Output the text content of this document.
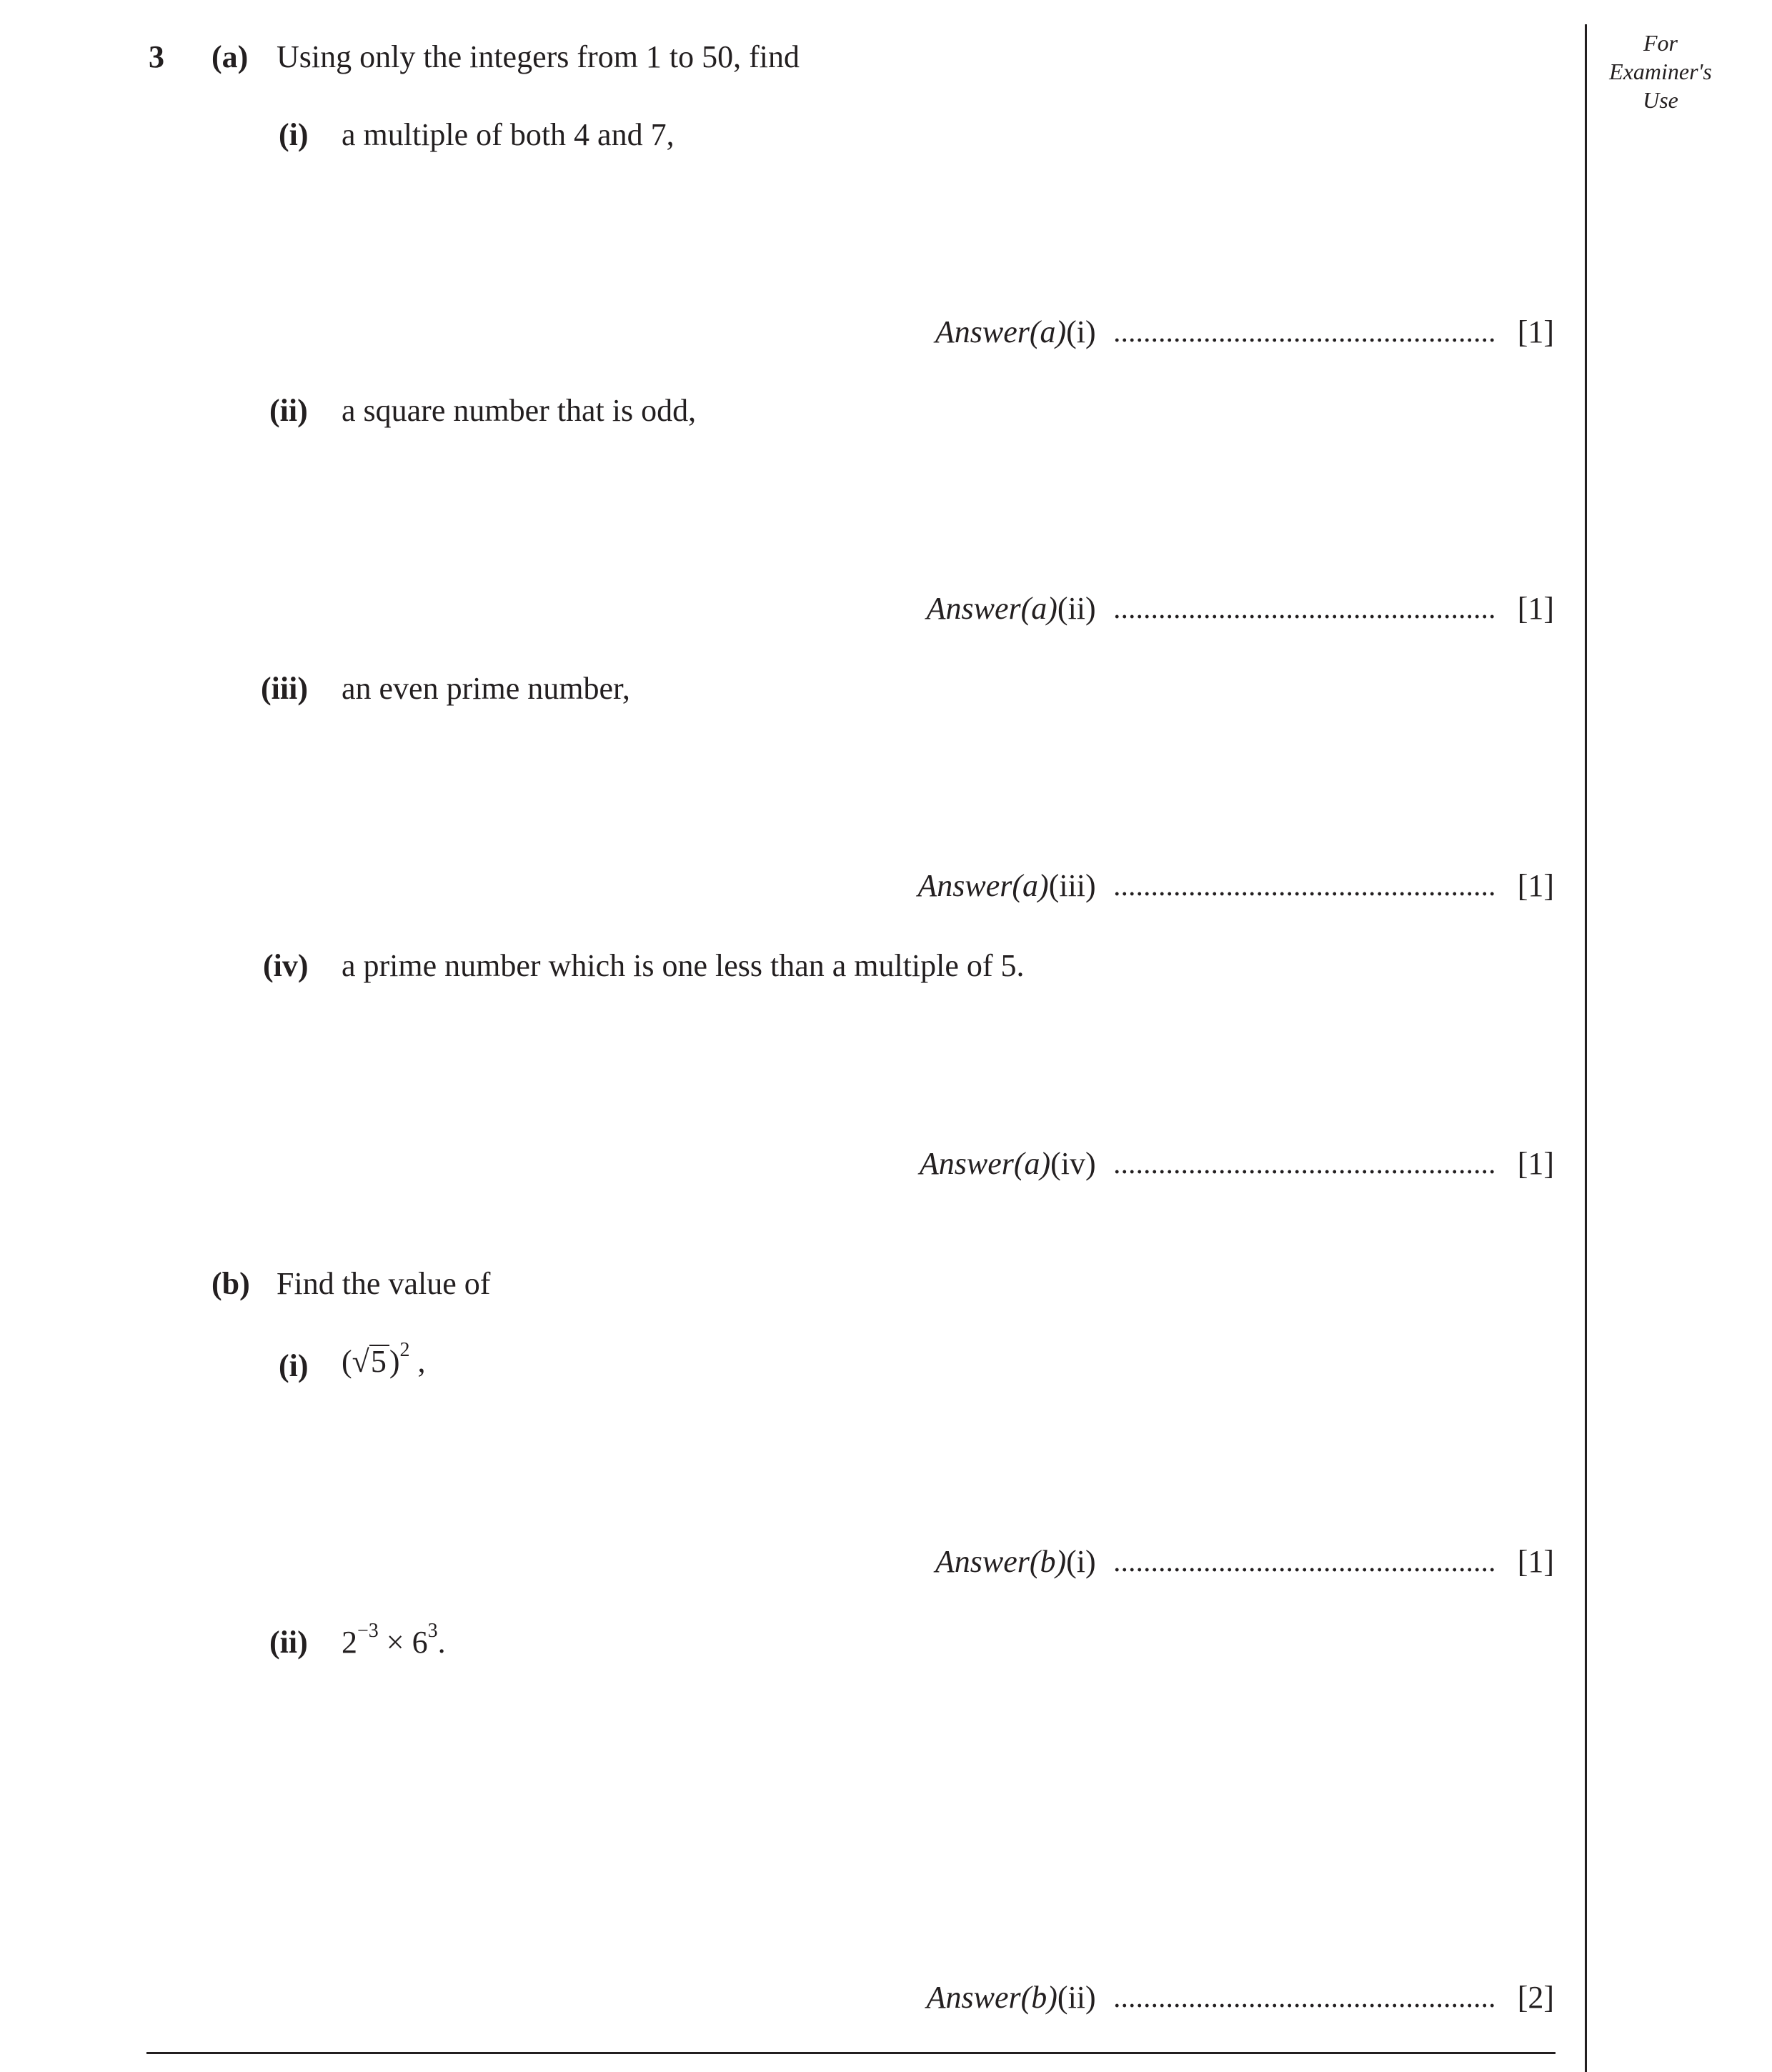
For
Examiner's
Use
3 (a) Using only the integers from 1 to 50, find
(i) a multiple of both 4 and 7,
Answer(a)(i)	[1]
(ii) a square number that is odd,
Answer(a)(ii)	[1]
(iii) an even prime number,
Answer(a)(iii)	[1]
(iv) a prime number which is one less than a multiple of 5.
Answer(a)(iv)	[1]
(b) Find the value of
(i) $(√5)^2$ ,
Answer(b)(i)	[1]
(ii) $2^{-3} \times 6^3$.
Answer(b)(ii)	[2]
